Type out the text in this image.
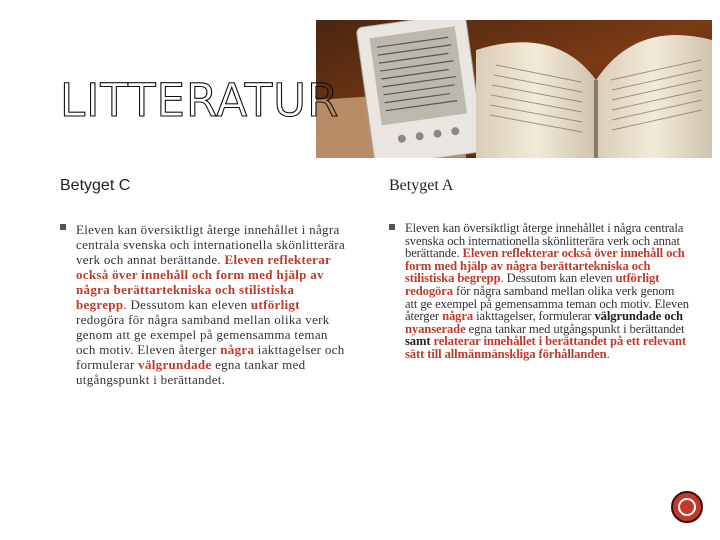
LITTERATUR
Betyget C	Betyget A
Eleven kan översiktligt återge innehållet i några centrala svenska och internationella skönlitterära verk och annat berättande. Eleven reflekterar också över innehåll och form med hjälp av några berättartekniska och stilistiska begrepp. Dessutom kan eleven utförligt redogöra för några samband mellan olika verk genom att ge exempel på gemensamma teman och motiv. Eleven återger några iakttagelser och formulerar välgrundade egna tankar med utgångspunkt i berättandet.
Eleven kan översiktligt återge innehållet i några centrala svenska och internationella skönlitterära verk och annat berättande. Eleven reflekterar också över innehåll och form med hjälp av några berättartekniska och stilistiska begrepp. Dessutom kan eleven utförligt redogöra för några samband mellan olika verk genom att ge exempel på gemensamma teman och motiv. Eleven återger några iakttagelser, formulerar välgrundade och nyanserade egna tankar med utgångspunkt i berättandet samt relaterar innehållet i berättandet på ett relevant sätt till allmänmänskliga förhållanden.
